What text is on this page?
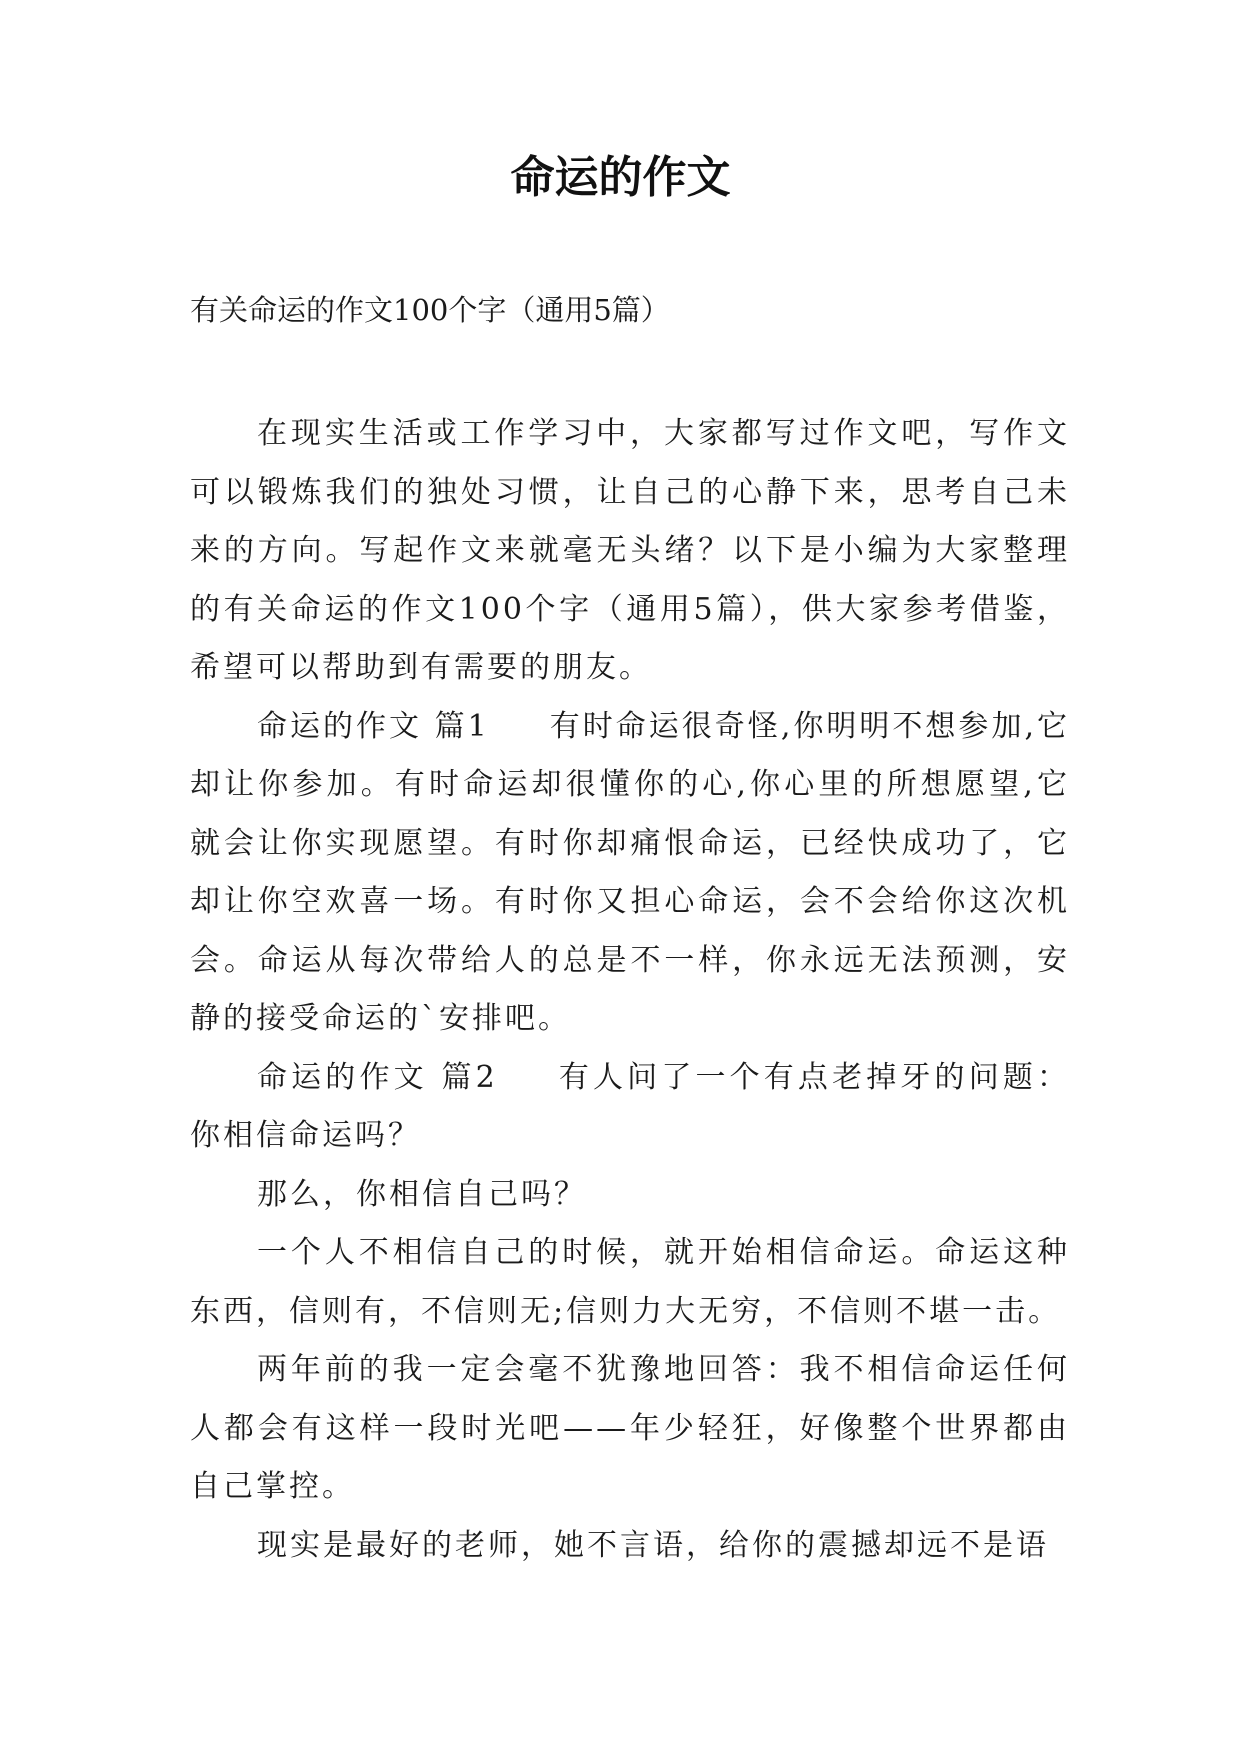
命运的作文
有关命运的作文100个字（通用5篇）

在现实生活或工作学习中，大家都写过作文吧，写作文可以锻炼我们的独处习惯，让自己的心静下来，思考自己未来的方向。写起作文来就毫无头绪？以下是小编为大家整理的有关命运的作文100个字（通用5篇），供大家参考借鉴，希望可以帮助到有需要的朋友。

命运的作文 篇1 有时命运很奇怪,你明明不想参加,它却让你参加。有时命运却很懂你的心,你心里的所想愿望,它就会让你实现愿望。有时你却痛恨命运，已经快成功了，它却让你空欢喜一场。有时你又担心命运，会不会给你这次机会。命运从每次带给人的总是不一样，你永远无法预测，安静的接受命运的`安排吧。

命运的作文 篇2 有人问了一个有点老掉牙的问题：你相信命运吗？

那么，你相信自己吗？

一个人不相信自己的时候，就开始相信命运。命运这种东西，信则有，不信则无;信则力大无穷，不信则不堪一击。

两年前的我一定会毫不犹豫地回答：我不相信命运任何人都会有这样一段时光吧——年少轻狂，好像整个世界都由自己掌控。

现实是最好的老师，她不言语，给你的震撼却远不是语
